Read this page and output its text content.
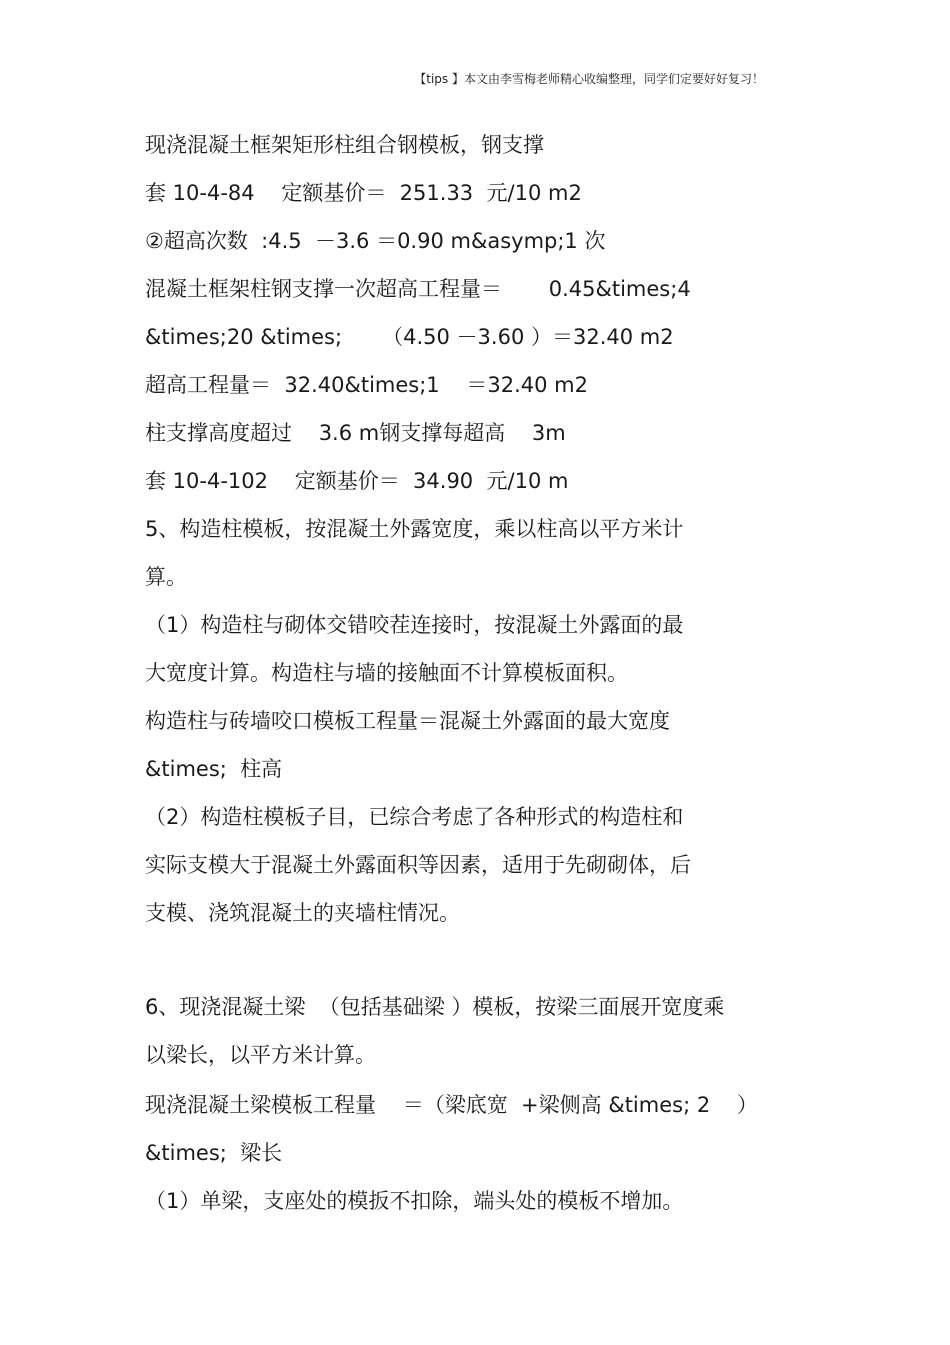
【tips 】本文由李雪梅老师精心收编整理，同学们定要好好复习！
现浇混凝土框架矩形柱组合钢模板，钢支撑
套 10-4-84    定额基价＝  251.33  元/10 m2
②超高次数  :4.5  －3.6 ＝0.90 m&asymp;1 次
混凝土框架柱钢支撑一次超高工程量＝       0.45&times;4
&times;20 &times;      （4.50 －3.60 ）＝32.40 m2
超高工程量＝  32.40&times;1    ＝32.40 m2
柱支撑高度超过    3.6 m钢支撑每超高    3m
套 10-4-102    定额基价＝  34.90  元/10 m
5、构造柱模板，按混凝土外露宽度，乘以柱高以平方米计
算。
（1）构造柱与砌体交错咬茬连接时，按混凝土外露面的最
大宽度计算。构造柱与墙的接触面不计算模板面积。
构造柱与砖墙咬口模板工程量＝混凝土外露面的最大宽度
&times;  柱高
（2）构造柱模板子目，已综合考虑了各种形式的构造柱和
实际支模大于混凝土外露面积等因素，适用于先砌砌体，后
支模、浇筑混凝土的夹墙柱情况。
6、现浇混凝土梁  （包括基础梁 ）模板，按梁三面展开宽度乘
以梁长，以平方米计算。
现浇混凝土梁模板工程量    ＝（梁底宽  +梁侧高 &times; 2    ）
&times;  梁长
（1）单梁，支座处的模扳不扣除，端头处的模板不增加。
